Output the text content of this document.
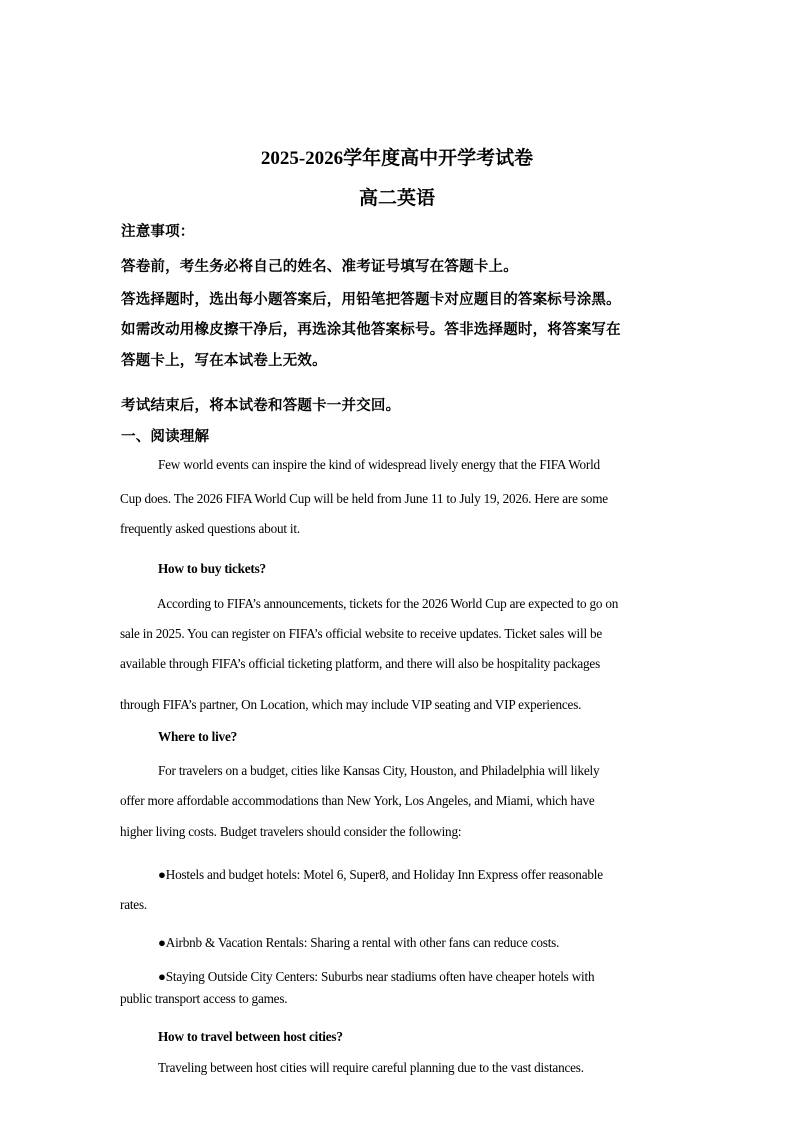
2025-2026学年度高中开学考试卷

高二英语

注意事项：

答卷前，考生务必将自己的姓名、准考证号填写在答题卡上。

答选择题时，选出每小题答案后，用铅笔把答题卡对应题目的答案标号涂黑。

如需改动用橡皮擦干净后，再选涂其他答案标号。答非选择题时，将答案写在

答题卡上，写在本试卷上无效。

考试结束后，将本试卷和答题卡一并交回。

一、阅读理解

Few world events can inspire the kind of widespread lively energy that the FIFA World

Cup does. The 2026 FIFA World Cup will be held from June 11 to July 19, 2026. Here are some

frequently asked questions about it.

How to buy tickets?

According to FIFA’s announcements, tickets for the 2026 World Cup are expected to go on

sale in 2025. You can register on FIFA’s official website to receive updates. Ticket sales will be

available through FIFA’s official ticketing platform, and there will also be hospitality packages

through FIFA’s partner, On Location, which may include VIP seating and VIP experiences.

Where to live?

For travelers on a budget, cities like Kansas City, Houston, and Philadelphia will likely

offer more affordable accommodations than New York, Los Angeles, and Miami, which have

higher living costs. Budget travelers should consider the following:

●Hostels and budget hotels: Motel 6, Super8, and Holiday Inn Express offer reasonable

rates.

●Airbnb & Vacation Rentals: Sharing a rental with other fans can reduce costs.

●Staying Outside City Centers: Suburbs near stadiums often have cheaper hotels with

public transport access to games.

How to travel between host cities?

Traveling between host cities will require careful planning due to the vast distances.
